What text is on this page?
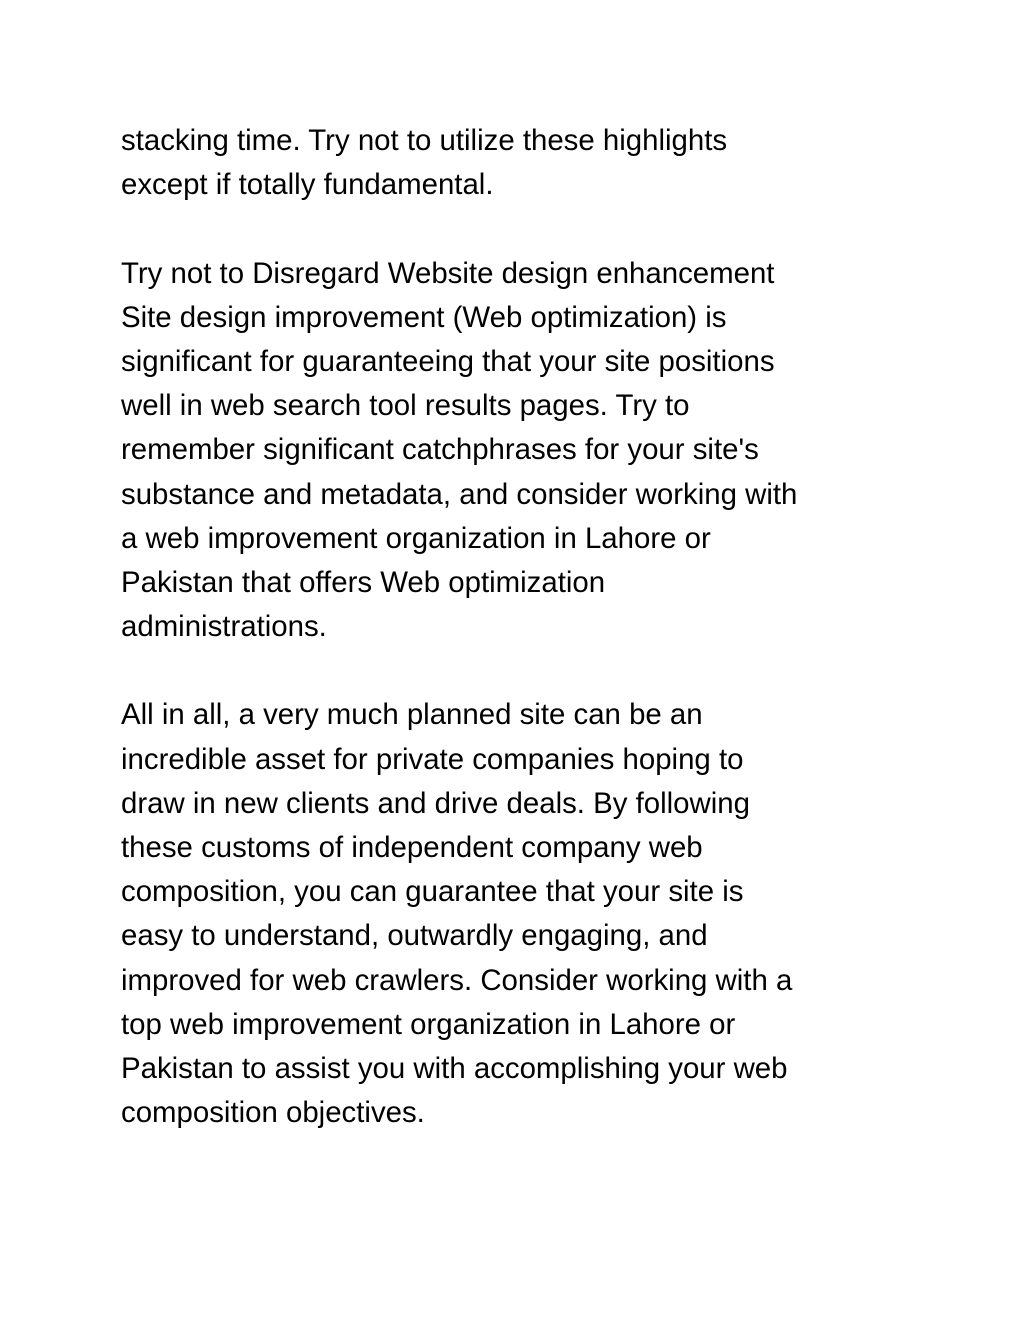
stacking time. Try not to utilize these highlights
except if totally fundamental.
Try not to Disregard Website design enhancement
Site design improvement (Web optimization) is
significant for guaranteeing that your site positions
well in web search tool results pages. Try to
remember significant catchphrases for your site's
substance and metadata, and consider working with
a web improvement organization in Lahore or
Pakistan that offers Web optimization
administrations.
All in all, a very much planned site can be an
incredible asset for private companies hoping to
draw in new clients and drive deals. By following
these customs of independent company web
composition, you can guarantee that your site is
easy to understand, outwardly engaging, and
improved for web crawlers. Consider working with a
top web improvement organization in Lahore or
Pakistan to assist you with accomplishing your web
composition objectives.
